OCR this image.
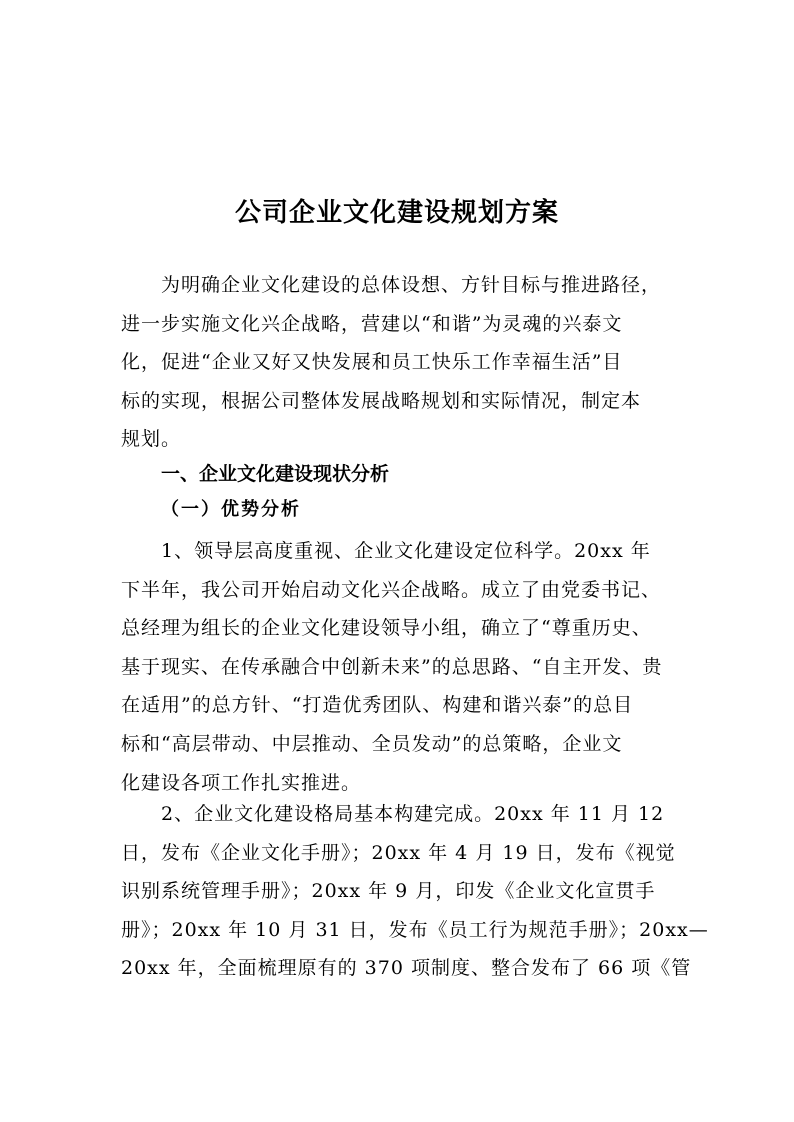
公司企业文化建设规划方案
为明确企业文化建设的总体设想、方针目标与推进路径，
进一步实施文化兴企战略，营建以“和谐”为灵魂的兴泰文
化，促进“企业又好又快发展和员工快乐工作幸福生活”目
标的实现，根据公司整体发展战略规划和实际情况，制定本
规划。
一、企业文化建设现状分析
（一）优势分析
1、领导层高度重视、企业文化建设定位科学。20xx 年
下半年，我公司开始启动文化兴企战略。成立了由党委书记、
总经理为组长的企业文化建设领导小组，确立了“尊重历史、
基于现实、在传承融合中创新未来”的总思路、“自主开发、贵
在适用”的总方针、“打造优秀团队、构建和谐兴泰”的总目
标和“高层带动、中层推动、全员发动”的总策略，企业文
化建设各项工作扎实推进。
2、企业文化建设格局基本构建完成。20xx 年 11 月 12
日，发布《企业文化手册》；20xx 年 4 月 19 日，发布《视觉
识别系统管理手册》；20xx 年 9 月，印发《企业文化宣贯手
册》；20xx 年 10 月 31 日，发布《员工行为规范手册》；20xx—
20xx 年，全面梳理原有的 370 项制度、整合发布了 66 项《管
